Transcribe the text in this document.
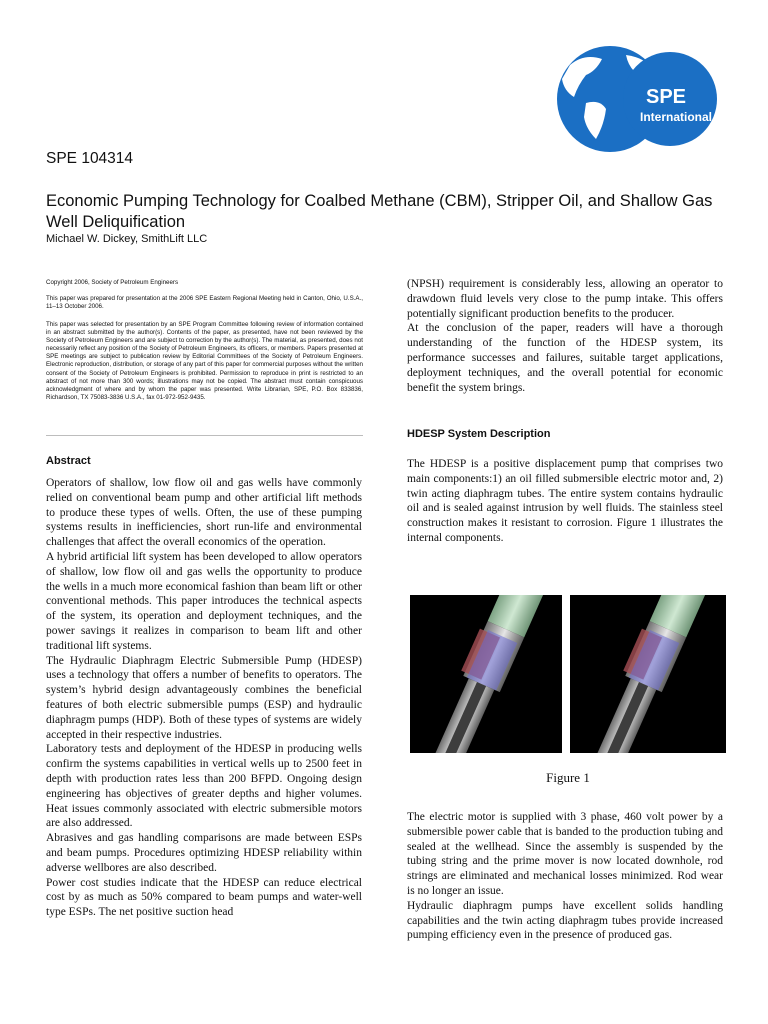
SPE
International
SPE 104314
Economic Pumping Technology for Coalbed Methane (CBM), Stripper Oil, and Shallow Gas Well Deliquification
Michael W. Dickey, SmithLift LLC
Copyright 2006, Society of Petroleum Engineers
This paper was prepared for presentation at the 2006 SPE Eastern Regional Meeting held in Canton, Ohio, U.S.A., 11–13 October 2006.
This paper was selected for presentation by an SPE Program Committee following review of information contained in an abstract submitted by the author(s). Contents of the paper, as presented, have not been reviewed by the Society of Petroleum Engineers and are subject to correction by the author(s). The material, as presented, does not necessarily reflect any position of the Society of Petroleum Engineers, its officers, or members. Papers presented at SPE meetings are subject to publication review by Editorial Committees of the Society of Petroleum Engineers. Electronic reproduction, distribution, or storage of any part of this paper for commercial purposes without the written consent of the Society of Petroleum Engineers is prohibited. Permission to reproduce in print is restricted to an abstract of not more than 300 words; illustrations may not be copied. The abstract must contain conspicuous acknowledgment of where and by whom the paper was presented. Write Librarian, SPE, P.O. Box 833836, Richardson, TX 75083-3836 U.S.A., fax 01-972-952-9435.
Abstract

Operators of shallow, low flow oil and gas wells have commonly relied on conventional beam pump and other artificial lift methods to produce these types of wells. Often, the use of these pumping systems results in inefficiencies, short run-life and environmental challenges that affect the overall economics of the operation.

A hybrid artificial lift system has been developed to allow operators of shallow, low flow oil and gas wells the opportunity to produce the wells in a much more economical fashion than beam lift or other conventional methods. This paper introduces the technical aspects of the system, its operation and deployment techniques, and the power savings it realizes in comparison to beam lift and other traditional lift systems.

The Hydraulic Diaphragm Electric Submersible Pump (HDESP) uses a technology that offers a number of benefits to operators. The system’s hybrid design advantageously combines the beneficial features of both electric submersible pumps (ESP) and hydraulic diaphragm pumps (HDP). Both of these types of systems are widely accepted in their respective industries.

Laboratory tests and deployment of the HDESP in producing wells confirm the systems capabilities in vertical wells up to 2500 feet in depth with production rates less than 200 BFPD. Ongoing design engineering has objectives of greater depths and higher volumes. Heat issues commonly associated with electric submersible motors are also addressed.

Abrasives and gas handling comparisons are made between ESPs and beam pumps. Procedures optimizing HDESP reliability within adverse wellbores are also described.

Power cost studies indicate that the HDESP can reduce electrical cost by as much as 50% compared to beam pumps and water-well type ESPs. The net positive suction head

(NPSH) requirement is considerably less, allowing an operator to drawdown fluid levels very close to the pump intake. This offers potentially significant production benefits to the producer.

At the conclusion of the paper, readers will have a thorough understanding of the function of the HDESP system, its performance successes and failures, suitable target applications, deployment techniques, and the overall potential for economic benefit the system brings.

HDESP System Description

The HDESP is a positive displacement pump that comprises two main components:1) an oil filled submersible electric motor and, 2) twin acting diaphragm tubes. The entire system contains hydraulic oil and is sealed against intrusion by well fluids. The stainless steel construction makes it resistant to corrosion. Figure 1 illustrates the internal components.

Figure 1

The electric motor is supplied with 3 phase, 460 volt power by a submersible power cable that is banded to the production tubing and sealed at the wellhead. Since the assembly is suspended by the tubing string and the prime mover is now located downhole, rod strings are eliminated and mechanical losses minimized. Rod wear is no longer an issue.

Hydraulic diaphragm pumps have excellent solids handling capabilities and the twin acting diaphragm tubes provide increased pumping efficiency even in the presence of produced gas.
